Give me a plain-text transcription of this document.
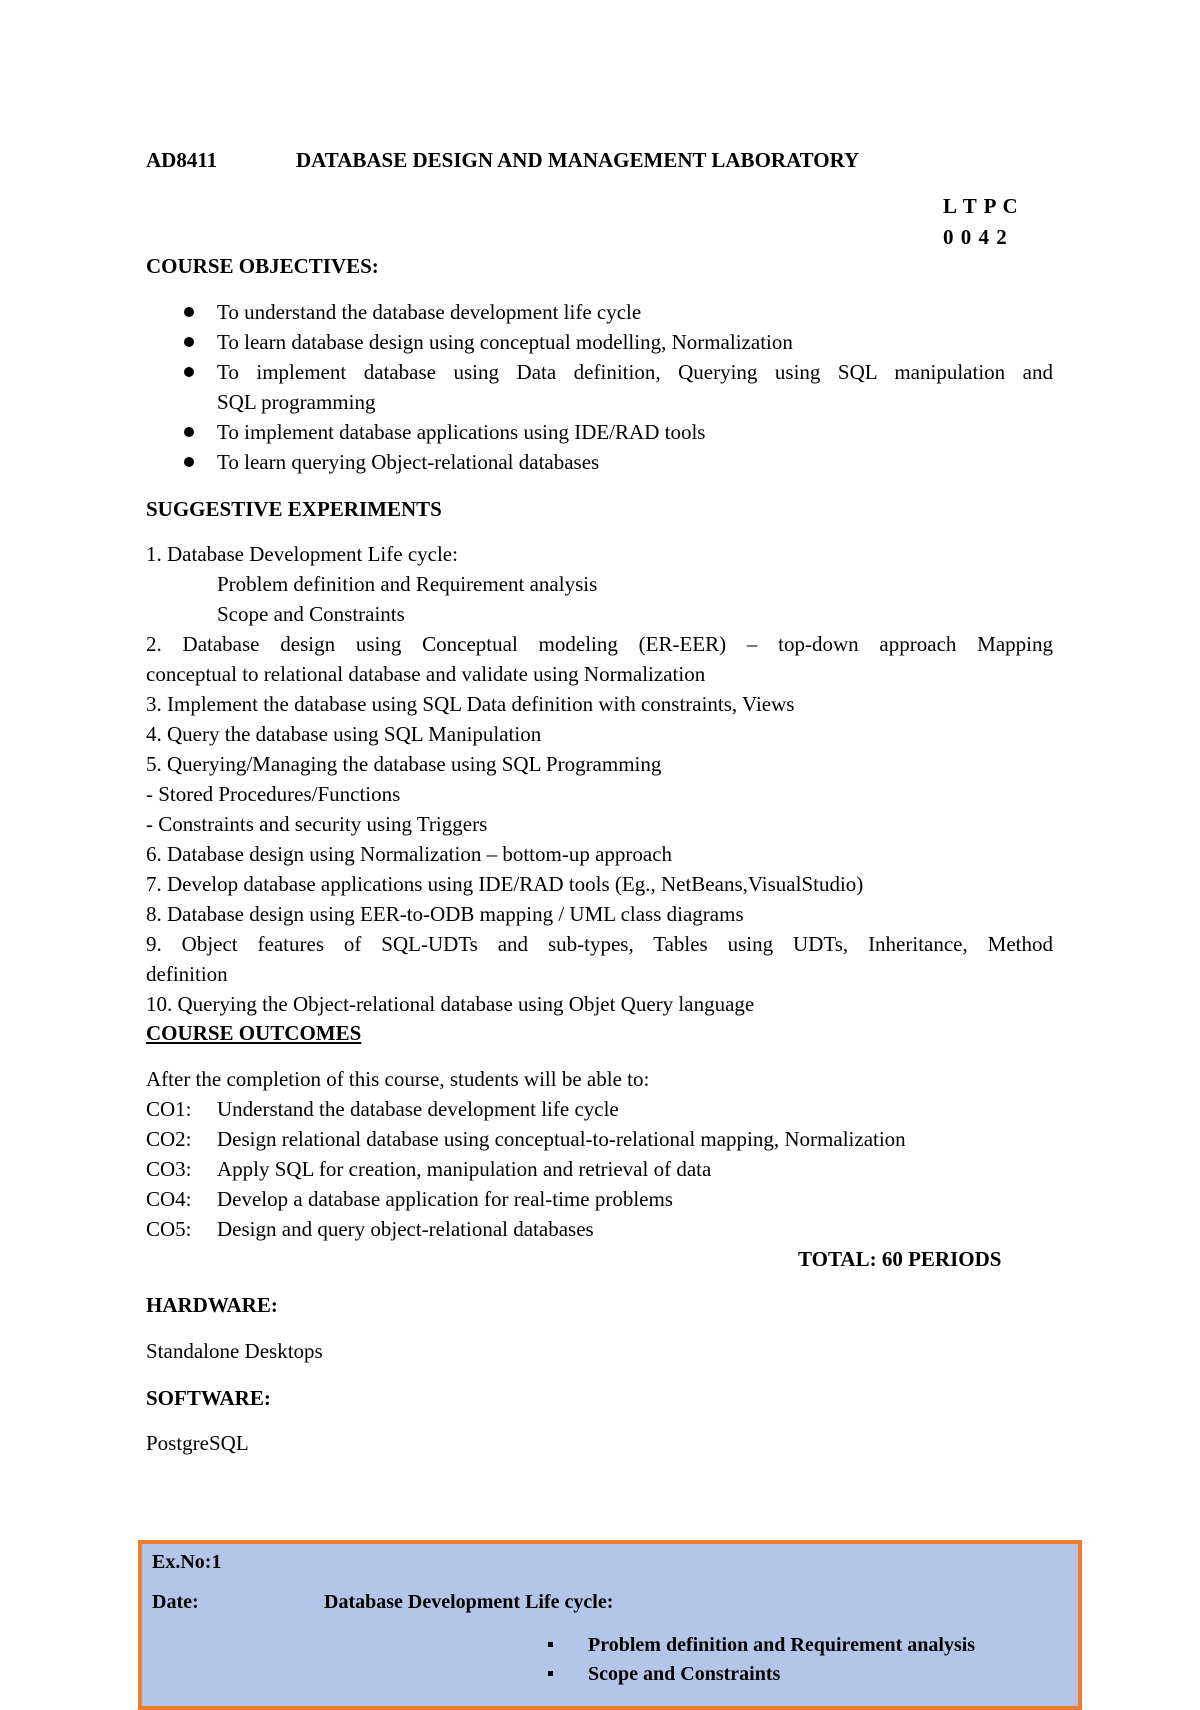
AD8411	DATABASE DESIGN AND MANAGEMENT LABORATORY
L T P C
0 0 4 2
COURSE OBJECTIVES:
To understand the database development life cycle
To learn database design using conceptual modelling, Normalization
To implement database using Data definition, Querying using SQL manipulation and
SQL programming
To implement database applications using IDE/RAD tools
To learn querying Object-relational databases
SUGGESTIVE EXPERIMENTS
1. Database Development Life cycle:
Problem definition and Requirement analysis
Scope and Constraints
2. Database design using Conceptual modeling (ER-EER) – top-down approach Mapping
conceptual to relational database and validate using Normalization
3. Implement the database using SQL Data definition with constraints, Views
4. Query the database using SQL Manipulation
5. Querying/Managing the database using SQL Programming
- Stored Procedures/Functions
- Constraints and security using Triggers
6. Database design using Normalization – bottom-up approach
7. Develop database applications using IDE/RAD tools (Eg., NetBeans,VisualStudio)
8. Database design using EER-to-ODB mapping / UML class diagrams
9. Object features of SQL-UDTs and sub-types, Tables using UDTs, Inheritance, Method
definition
10. Querying the Object-relational database using Objet Query language
COURSE OUTCOMES
After the completion of this course, students will be able to:
CO1: Understand the database development life cycle
CO2: Design relational database using conceptual-to-relational mapping, Normalization
CO3: Apply SQL for creation, manipulation and retrieval of data
CO4: Develop a database application for real-time problems
CO5: Design and query object-relational databases
TOTAL: 60 PERIODS
HARDWARE:
Standalone Desktops
SOFTWARE:
PostgreSQL
Ex.No:1
Date:	Database Development Life cycle:
Problem definition and Requirement analysis
Scope and Constraints
